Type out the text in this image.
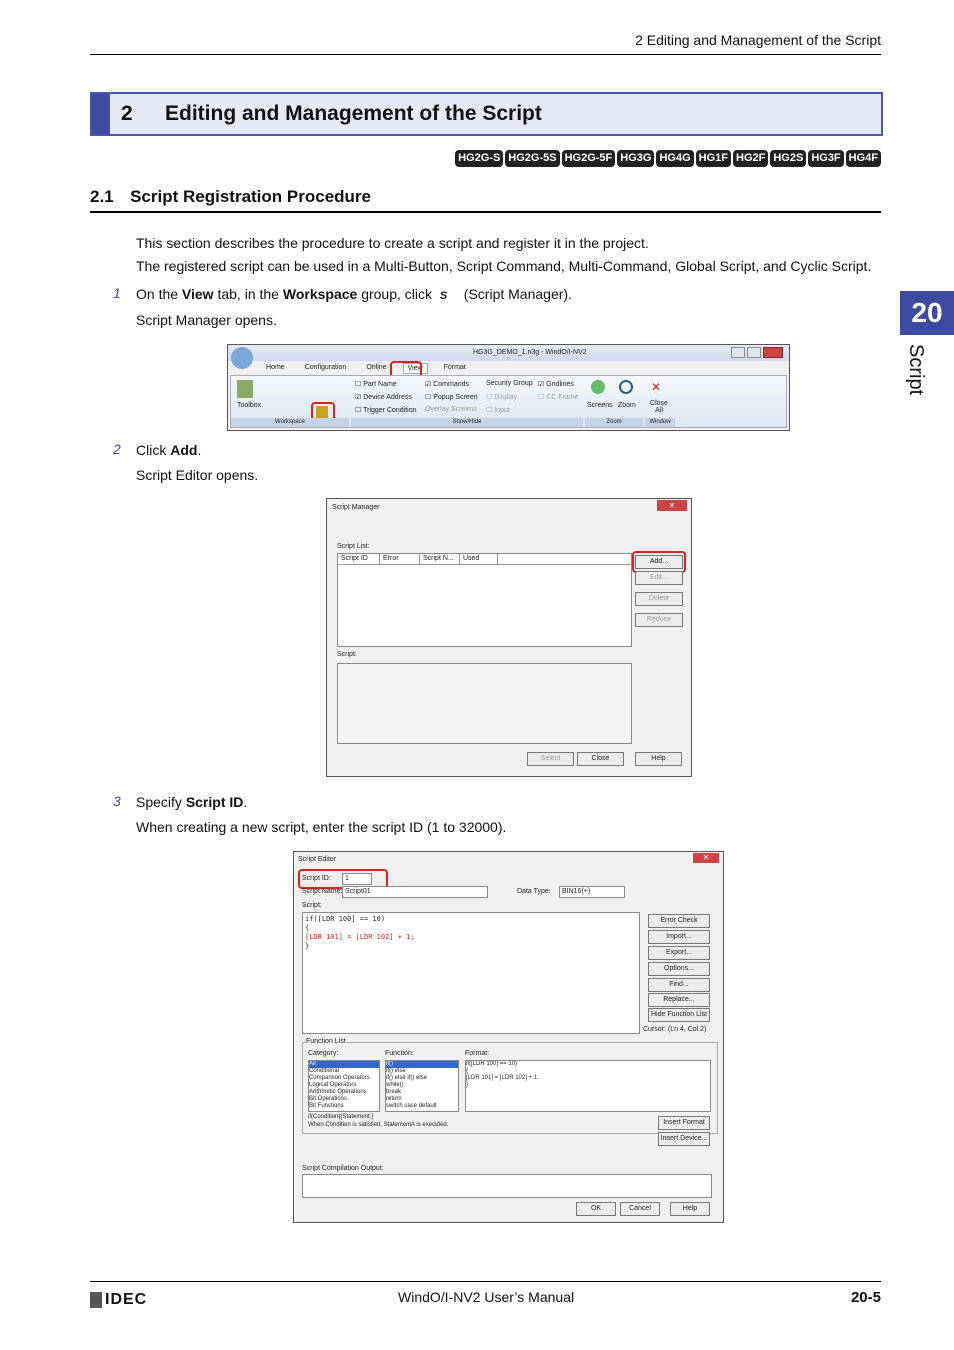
2 Editing and Management of the Script
2 Editing and Management of the Script
HG2G-S HG2G-5S HG2G-5F HG3G HG4G HG1F HG2F HG2S HG3F HG4F
2.1 Script Registration Procedure
This section describes the procedure to create a script and register it in the project.
The registered script can be used in a Multi-Button, Script Command, Multi-Command, Global Script, and Cyclic Script.
1 On the View tab, in the Workspace group, click S (Script Manager).
Script Manager opens.
HG3G_DEMO_1.n3g - WindO/I-NV2
Home	Configuration	Online	View	Format
Toolbox
Workspace
☐ Part Name
☑ Device Address
☐ Trigger Condition
☑ Commands
☐ Popup Screen
Overlay Screens
Security Group
☐ Display
☐ Input
☑ Gridlines
☐ CC Frame
Show/Hide
Screens Zoom
Zoom
✕
Close All
Window
2 Click Add.
Script Editor opens.
Script Manager	✕
Script List:
Script ID	Error	Script N...	Used	Add...
Edit...
Delete
Reduce
Script:
Select	Close	Help
3 Specify Script ID.
When creating a new script, enter the script ID (1 to 32000).
Script Editor	✕
Script ID:	1
Script Name: Script01	Data Type:	BIN16(+)
Script:
if([LDR 100] == 10)
{
[LDR 101] = [LDR 102] + 1;
}
Error Check
Import...
Export...
Options...
Find...
Replace...
Hide Function List
Cursor: (Ln 4, Col 2)
Function List
Category:
All
Conditional
Comparison Operators
Logical Operators
Arithmetic Operations
Bit Operations
Bit Functions
Function:
if()
if() else
if() else if() else
while()
break
return
switch case default
Format:
if([LDR 100] == 10)
{
[LDR 101] = [LDR 102] + 1;
}
if(Condition){Statement;}
When Condition is satisfied, StatementA is executed.	Insert Format
Insert Device...
Script Compilation Output:
OK	Cancel	Help
20
Script
IDEC	WindO/I-NV2 User’s Manual	20-5
